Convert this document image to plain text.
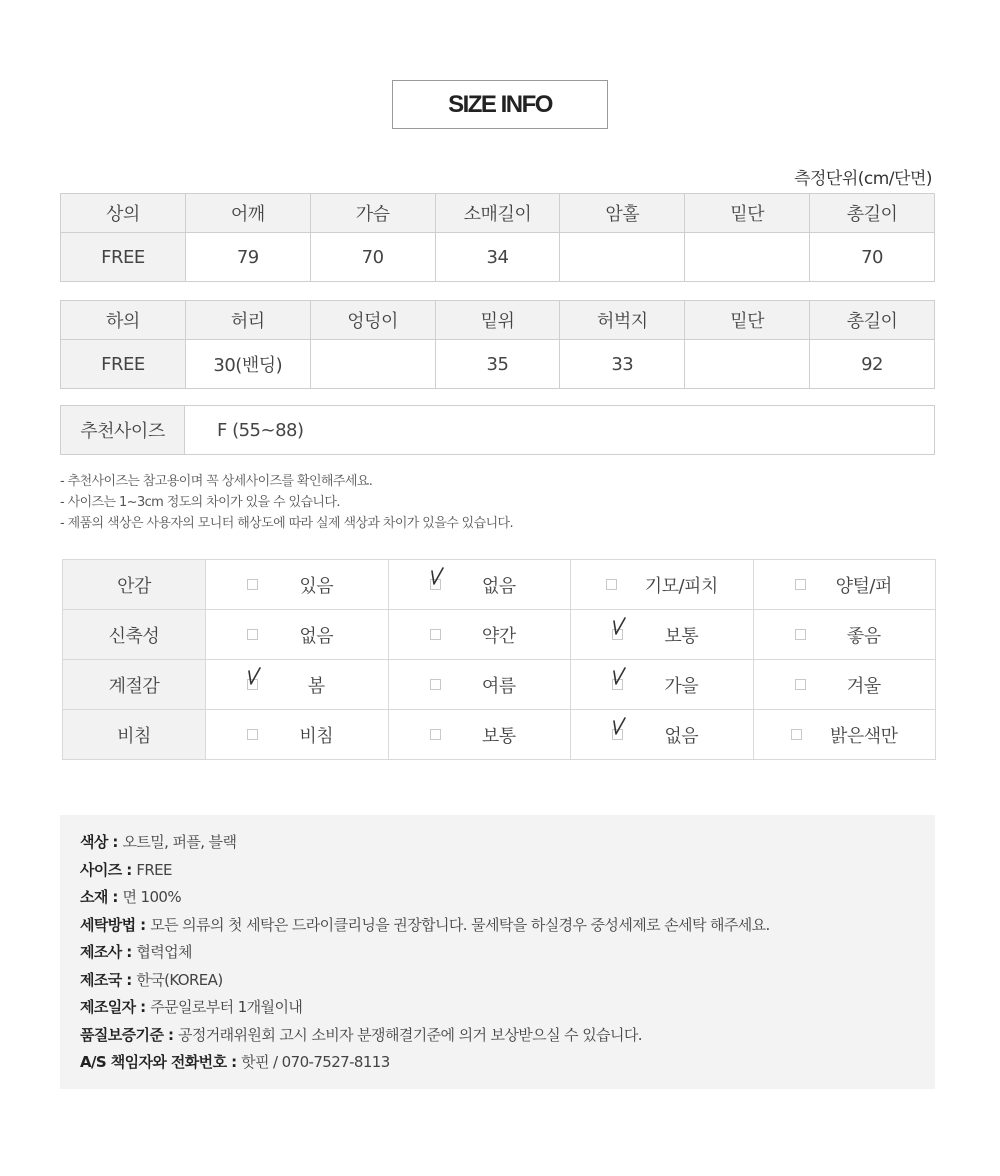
SIZE INFO
측정단위(cm/단면)
상의	어깨	가슴	소매길이	암홀	밑단	총길이
FREE	79	70	34			70
하의	허리	엉덩이	밑위	허벅지	밑단	총길이
FREE	30(밴딩)		35	33		92
추천사이즈	F (55~88)
- 추천사이즈는 참고용이며 꼭 상세사이즈를 확인해주세요.
- 사이즈는 1~3cm 정도의 차이가 있을 수 있습니다.
- 제품의 색상은 사용자의 모니터 해상도에 따라 실제 색상과 차이가 있을수 있습니다.
안감	있음	없음	기모/피치	양털/퍼

신축성	없음	약간	보통	좋음

계절감	봄	여름	가을	겨울

비침	비침	보통	없음	밝은색만
색상 : 오트밀, 퍼플, 블랙
사이즈 : FREE
소재 : 면 100%
세탁방법 : 모든 의류의 첫 세탁은 드라이클리닝을 권장합니다. 물세탁을 하실경우 중성세제로 손세탁 해주세요.
제조사 : 협력업체
제조국 : 한국(KOREA)
제조일자 : 주문일로부터 1개월이내
품질보증기준 : 공정거래위원회 고시 소비자 분쟁해결기준에 의거 보상받으실 수 있습니다.
A/S 책임자와 전화번호 : 핫핀 / 070-7527-8113
